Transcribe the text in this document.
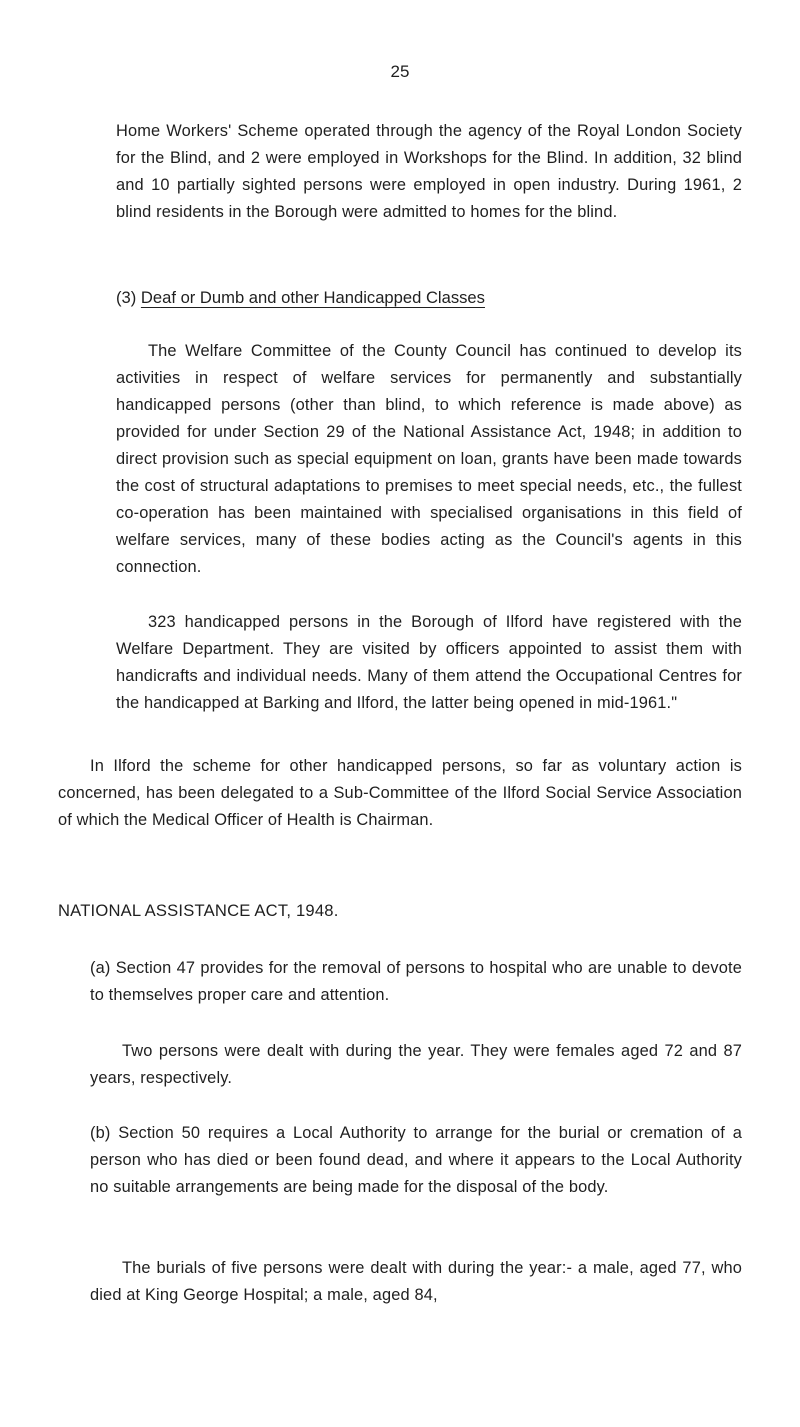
25

Home Workers' Scheme operated through the agency of the Royal London Society for the Blind, and 2 were employed in Workshops for the Blind. In addition, 32 blind and 10 partially sighted persons were employed in open industry. During 1961, 2 blind residents in the Borough were admitted to homes for the blind.

(3) Deaf or Dumb and other Handicapped Classes

The Welfare Committee of the County Council has continued to develop its activities in respect of welfare services for permanently and substantially handicapped persons (other than blind, to which reference is made above) as provided for under Section 29 of the National Assistance Act, 1948; in addition to direct provision such as special equipment on loan, grants have been made towards the cost of structural adaptations to premises to meet special needs, etc., the fullest co-operation has been maintained with specialised organisations in this field of welfare services, many of these bodies acting as the Council's agents in this connection.

323 handicapped persons in the Borough of Ilford have registered with the Welfare Department. They are visited by officers appointed to assist them with handicrafts and individual needs. Many of them attend the Occupational Centres for the handicapped at Barking and Ilford, the latter being opened in mid-1961."

In Ilford the scheme for other handicapped persons, so far as voluntary action is concerned, has been delegated to a Sub-Committee of the Ilford Social Service Association of which the Medical Officer of Health is Chairman.

NATIONAL ASSISTANCE ACT, 1948.

(a) Section 47 provides for the removal of persons to hospital who are unable to devote to themselves proper care and attention.

Two persons were dealt with during the year. They were females aged 72 and 87 years, respectively.

(b) Section 50 requires a Local Authority to arrange for the burial or cremation of a person who has died or been found dead, and where it appears to the Local Authority no suitable arrangements are being made for the disposal of the body.

The burials of five persons were dealt with during the year:- a male, aged 77, who died at King George Hospital; a male, aged 84,
